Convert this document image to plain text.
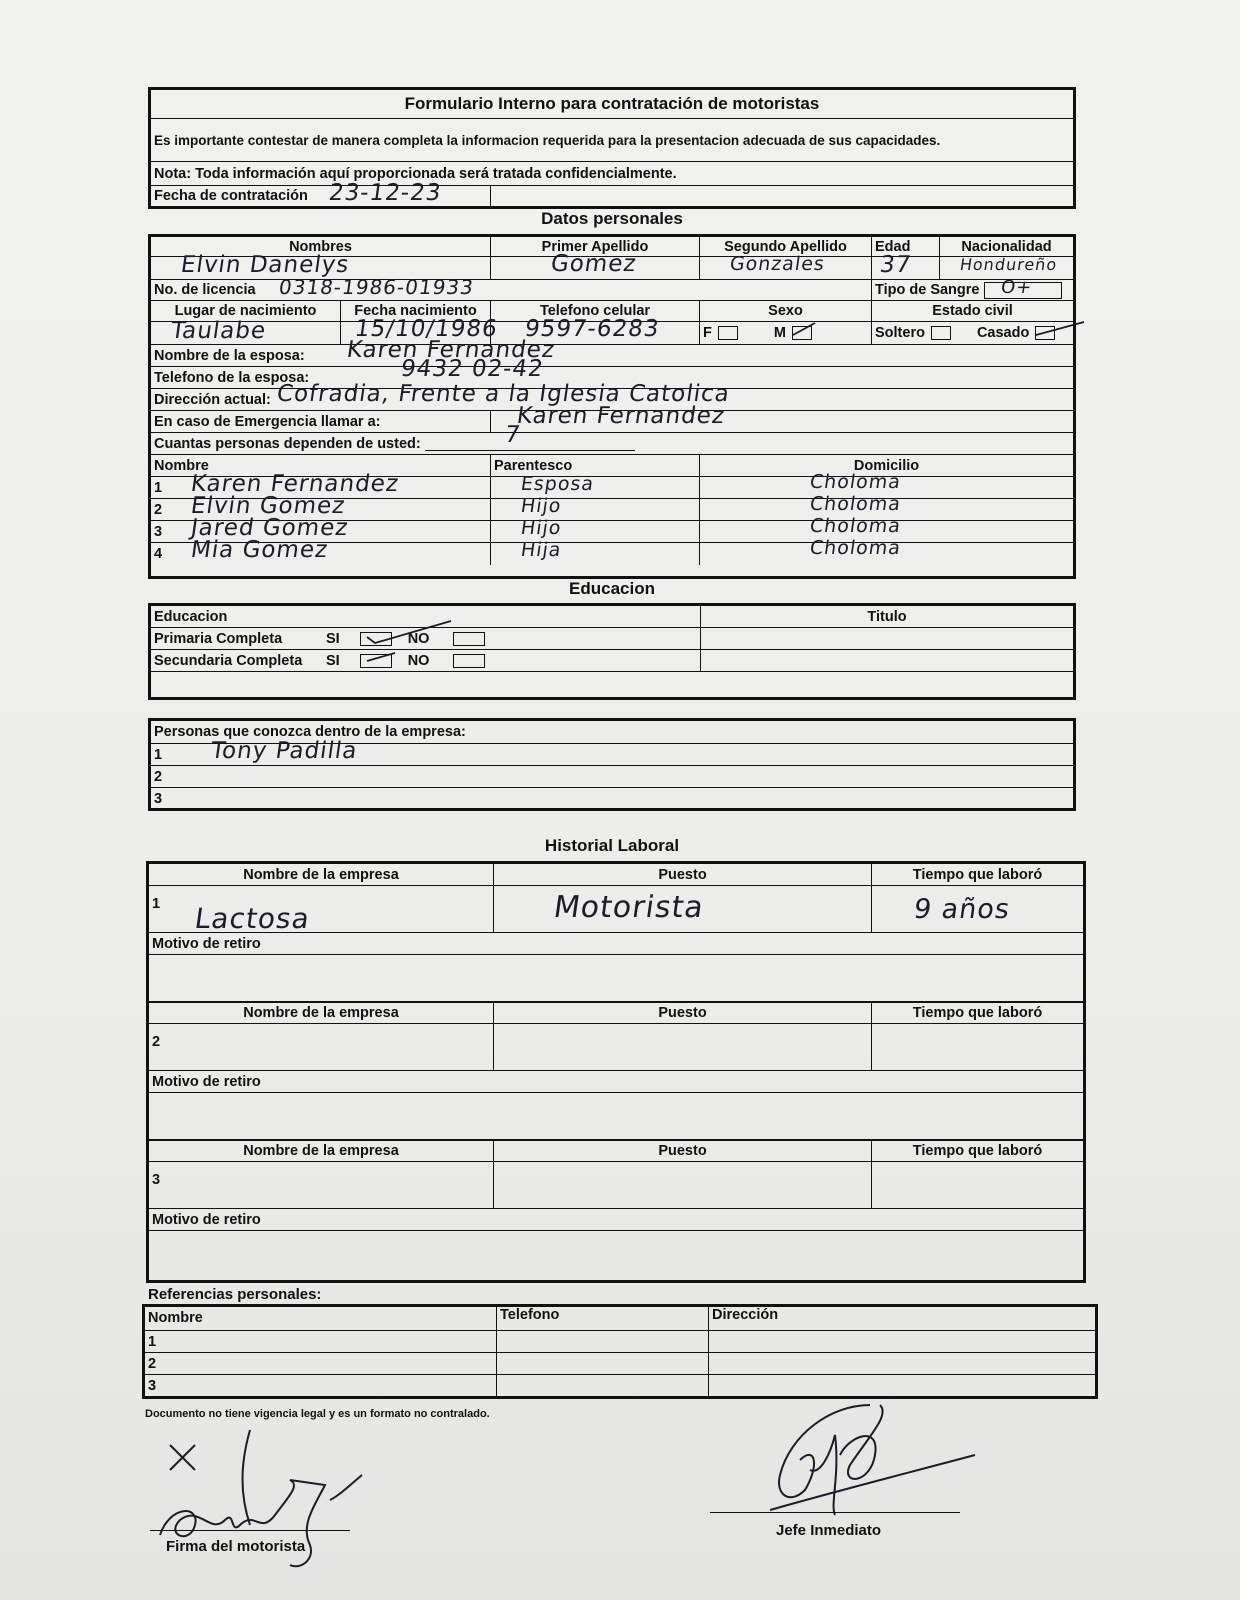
Formulario Interno para contratación de motoristas
Es importante contestar de manera completa la informacion requerida para la presentacion adecuada de sus capacidades.
Nota: Toda información aquí proporcionada será tratada confidencialmente.
Fecha de contratación 23-12-23
Datos personales
Nombres	Primer Apellido	Segundo Apellido	Edad	Nacionalidad
Elvin Danelys	Gomez	Gonzales 37	Hondureño
No. de licencia 0318-1986-01933	Tipo de Sangre O+
Lugar de nacimiento	Fecha nacimiento	Telefono celular	Sexo	Estado civil
Taulabe	15/10/1986 9597-6283	F	M	Soltero	Casado
Nombre de la esposa: Karen Fernandez
Telefono de la esposa:	9432 02-42
Dirección actual: Cofradia, Frente a la Iglesia Catolica
En caso de Emergencia llamar a:	Karen Fernandez
Cuantas personas dependen de usted:	7
Nombre	Parentesco	Domicilio
1 Karen Fernandez	Esposa	Choloma
2 Elvin Gomez	Hijo	Choloma
3 Jared Gomez	Hijo	Choloma
4 Mia Gomez	Hija	Choloma
Educacion
Educacion	Titulo
Primaria Completa	SI	NO
Secundaria Completa	SI	NO
Personas que conozca dentro de la empresa:
1 Tony Padilla
2
3
Historial Laboral
Nombre de la empresa	Puesto	Tiempo que laboró
1 Lactosa	Motorista	9 años
Motivo de retiro
Nombre de la empresa	Puesto	Tiempo que laboró
2
Motivo de retiro
Nombre de la empresa	Puesto	Tiempo que laboró
3
Motivo de retiro
Referencias personales:
Nombre	Telefono	Dirección
1
2
3
Documento no tiene vigencia legal y es un formato no contralado.
Firma del motorista
Jefe Inmediato
